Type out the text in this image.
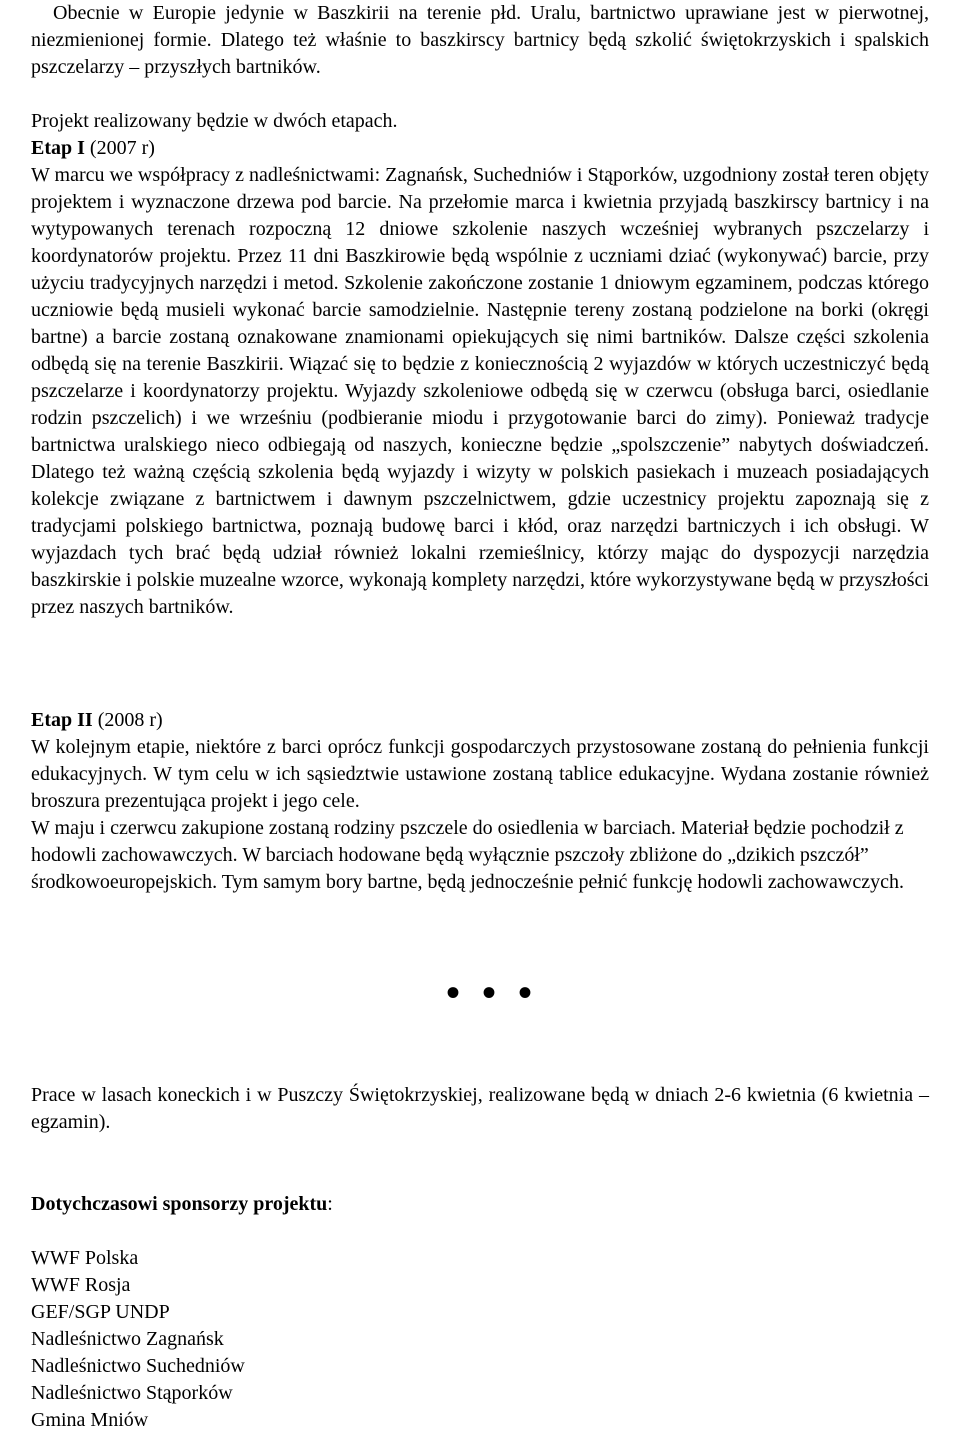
Obecnie w Europie jedynie w Baszkirii na terenie płd. Uralu, bartnictwo uprawiane jest w pierwotnej, niezmienionej formie. Dlatego też właśnie to baszkirscy bartnicy będą szkolić świętokrzyskich i spalskich pszczelarzy – przyszłych bartników.

Projekt realizowany będzie w dwóch etapach.

Etap I (2007 r)

W marcu we współpracy z nadleśnictwami: Zagnańsk, Suchedniów i Stąporków, uzgodniony został teren objęty projektem i wyznaczone drzewa pod barcie. Na przełomie marca i kwietnia przyjadą baszkirscy bartnicy i na wytypowanych terenach rozpoczną 12 dniowe szkolenie naszych wcześniej wybranych pszczelarzy i koordynatorów projektu. Przez 11 dni Baszkirowie będą wspólnie z uczniami dziać (wykonywać) barcie, przy użyciu tradycyjnych narzędzi i metod. Szkolenie zakończone zostanie 1 dniowym egzaminem, podczas którego uczniowie będą musieli wykonać barcie samodzielnie. Następnie tereny zostaną podzielone na borki (okręgi bartne) a barcie zostaną oznakowane znamionami opiekujących się nimi bartników. Dalsze części szkolenia odbędą się na terenie Baszkirii. Wiązać się to będzie z koniecznością 2 wyjazdów w których uczestniczyć będą pszczelarze i koordynatorzy projektu. Wyjazdy szkoleniowe odbędą się w czerwcu (obsługa barci, osiedlanie rodzin pszczelich) i we wrześniu (podbieranie miodu i przygotowanie barci do zimy). Ponieważ tradycje bartnictwa uralskiego nieco odbiegają od naszych, konieczne będzie „spolszczenie” nabytych doświadczeń. Dlatego też ważną częścią szkolenia będą wyjazdy i wizyty w polskich pasiekach i muzeach posiadających kolekcje związane z bartnictwem i dawnym pszczelnictwem, gdzie uczestnicy projektu zapoznają się z tradycjami polskiego bartnictwa, poznają budowę barci i kłód, oraz narzędzi bartniczych i ich obsługi. W wyjazdach tych brać będą udział również lokalni rzemieślnicy, którzy mając do dyspozycji narzędzia baszkirskie i polskie muzealne wzorce, wykonają komplety narzędzi, które wykorzystywane będą w przyszłości przez naszych bartników.

Etap II (2008 r)

W kolejnym etapie, niektóre z barci oprócz funkcji gospodarczych przystosowane zostaną do pełnienia funkcji edukacyjnych. W tym celu w ich sąsiedztwie ustawione zostaną tablice edukacyjne. Wydana zostanie również broszura prezentująca projekt i jego cele.

W maju i czerwcu zakupione zostaną rodziny pszczele do osiedlenia w barciach. Materiał będzie pochodził z hodowli zachowawczych. W barciach hodowane będą wyłącznie pszczoły zbliżone do „dzikich pszczół” środkowoeuropejskich. Tym samym bory bartne, będą jednocześnie pełnić funkcję hodowli zachowawczych.

• • •

Prace w lasach koneckich i w Puszczy Świętokrzyskiej, realizowane będą w dniach 2-6 kwietnia (6 kwietnia – egzamin).

Dotychczasowi sponsorzy projektu:

WWF Polska
WWF Rosja
GEF/SGP UNDP
Nadleśnictwo Zagnańsk
Nadleśnictwo Suchedniów
Nadleśnictwo Stąporków
Gmina Mniów
